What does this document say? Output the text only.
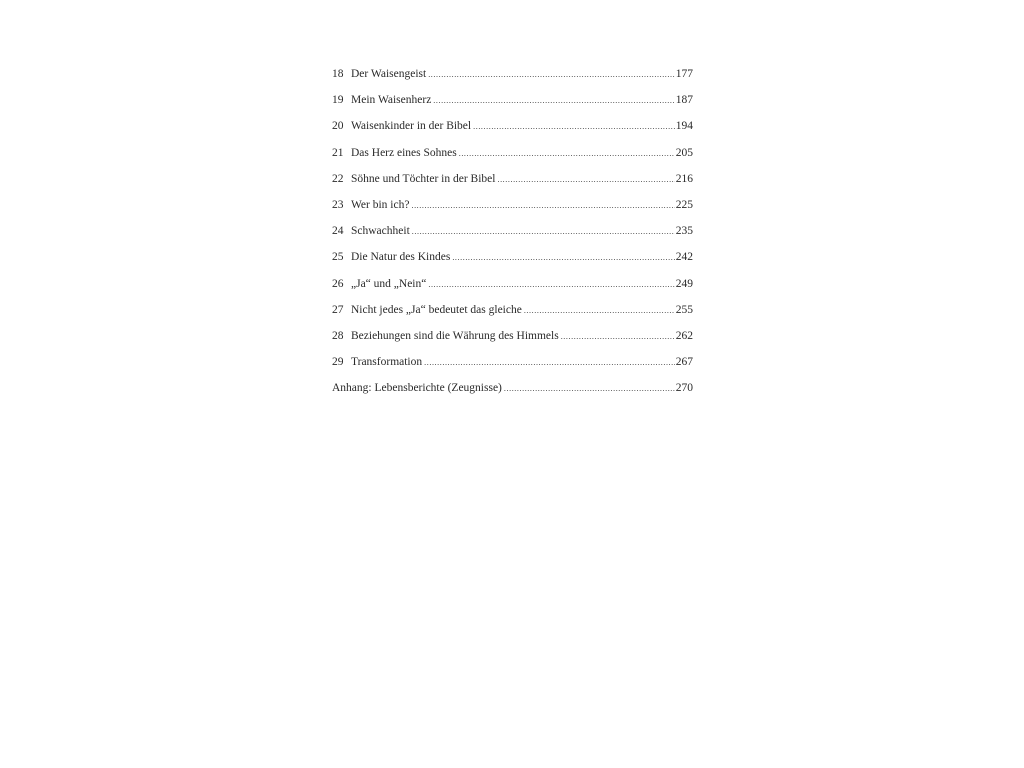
18 Der Waisengeist .....	177
19 Mein Waisenherz .....	187
20 Waisenkinder in der Bibel .....	194
21 Das Herz eines Sohnes .....	205
22 Söhne und Töchter in der Bibel .....	216
23 Wer bin ich? .....	225
24 Schwachheit .....	235
25 Die Natur des Kindes .....	242
26 „Ja“ und „Nein“ .....	249
27 Nicht jedes „Ja“ bedeutet das gleiche .....	255
28 Beziehungen sind die Währung des Himmels .....	262
29 Transformation .....	267
Anhang: Lebensberichte (Zeugnisse) .....	270
